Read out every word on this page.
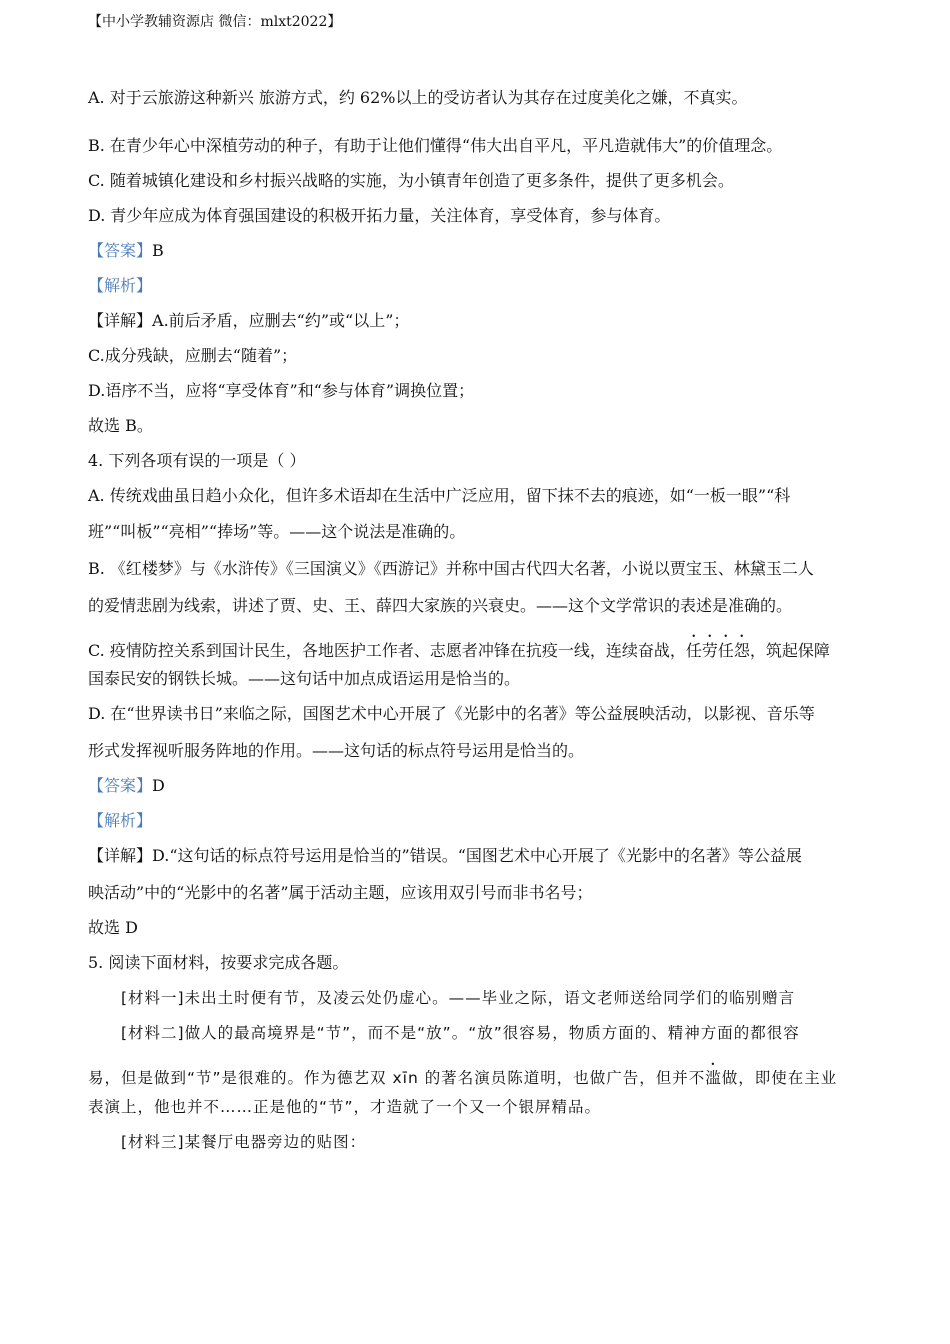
【中小学教辅资源店 微信：mlxt2022】
A. 对于云旅游这种新兴 旅游方式，约 62%以上的受访者认为其存在过度美化之嫌，不真实。
B. 在青少年心中深植劳动的种子，有助于让他们懂得“伟大出自平凡，平凡造就伟大”的价值理念。
C. 随着城镇化建设和乡村振兴战略的实施，为小镇青年创造了更多条件，提供了更多机会。
D. 青少年应成为体育强国建设的积极开拓力量，关注体育，享受体育，参与体育。
【答案】B
【解析】
【详解】A.前后矛盾，应删去“约”或“以上”；
C.成分残缺，应删去“随着”；
D.语序不当，应将“享受体育”和“参与体育”调换位置；
故选 B。
4. 下列各项有误的一项是（ ）
A. 传统戏曲虽日趋小众化，但许多术语却在生活中广泛应用，留下抹不去的痕迹，如“一板一眼”“科
班”“叫板”“亮相”“捧场”等。——这个说法是准确的。
B. 《红楼梦》与《水浒传》《三国演义》《西游记》并称中国古代四大名著，小说以贾宝玉、林黛玉二人
的爱情悲剧为线索，讲述了贾、史、王、薛四大家族的兴衰史。——这个文学常识的表述是准确的。
C. 疫情防控关系到国计民生，各地医护工作者、志愿者冲锋在抗疫一线，连续奋战，任劳任怨，筑起保障
国泰民安的钢铁长城。——这句话中加点成语运用是恰当的。
D. 在“世界读书日”来临之际，国图艺术中心开展了《光影中的名著》等公益展映活动，以影视、音乐等
形式发挥视听服务阵地的作用。——这句话的标点符号运用是恰当的。
【答案】D
【解析】
【详解】D.“这句话的标点符号运用是恰当的”错误。“国图艺术中心开展了《光影中的名著》等公益展
映活动”中的“光影中的名著”属于活动主题，应该用双引号而非书名号；
故选 D
5. 阅读下面材料，按要求完成各题。
[材料一]未出土时便有节，及凌云处仍虚心。——毕业之际，语文老师送给同学们的临别赠言
[材料二]做人的最高境界是“节”，而不是“放”。“放”很容易，物质方面的、精神方面的都很容
易，但是做到“节”是很难的。作为德艺双 xīn 的著名演员陈道明，也做广告，但并不滥做，即使在主业
表演上，他也并不……正是他的“节”，才造就了一个又一个银屏精品。
[材料三]某餐厅电器旁边的贴图：
